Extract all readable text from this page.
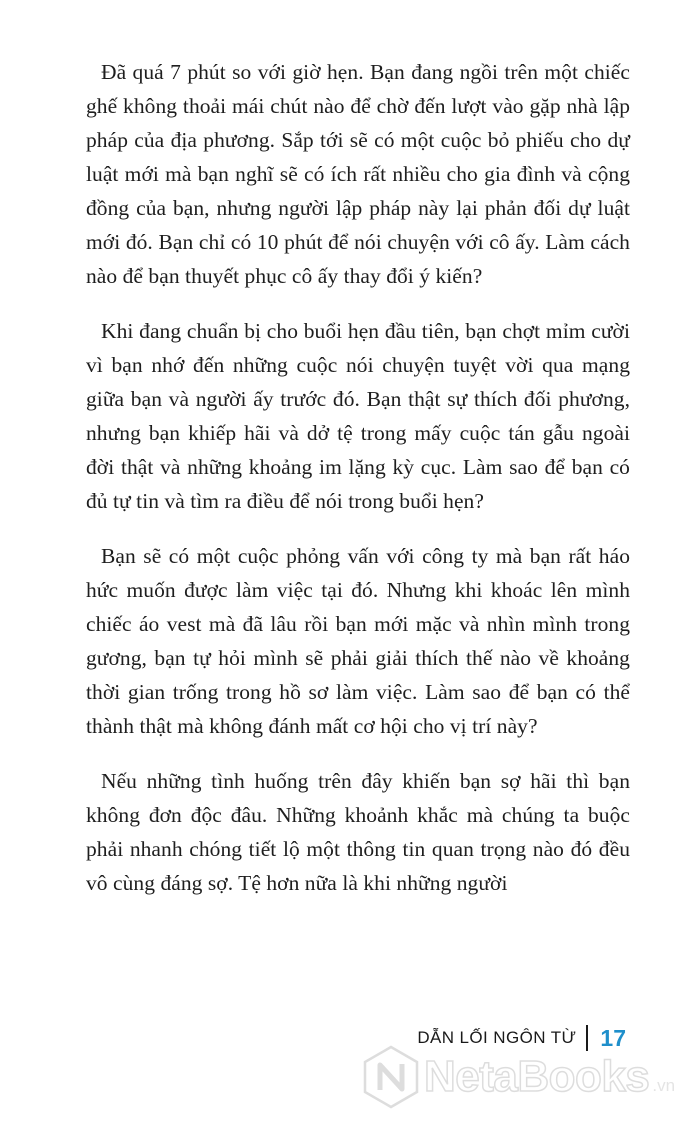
Đã quá 7 phút so với giờ hẹn. Bạn đang ngồi trên một chiếc ghế không thoải mái chút nào để chờ đến lượt vào gặp nhà lập pháp của địa phương. Sắp tới sẽ có một cuộc bỏ phiếu cho dự luật mới mà bạn nghĩ sẽ có ích rất nhiều cho gia đình và cộng đồng của bạn, nhưng người lập pháp này lại phản đối dự luật mới đó. Bạn chỉ có 10 phút để nói chuyện với cô ấy. Làm cách nào để bạn thuyết phục cô ấy thay đổi ý kiến?

Khi đang chuẩn bị cho buổi hẹn đầu tiên, bạn chợt mỉm cười vì bạn nhớ đến những cuộc nói chuyện tuyệt vời qua mạng giữa bạn và người ấy trước đó. Bạn thật sự thích đối phương, nhưng bạn khiếp hãi và dở tệ trong mấy cuộc tán gẫu ngoài đời thật và những khoảng im lặng kỳ cục. Làm sao để bạn có đủ tự tin và tìm ra điều để nói trong buổi hẹn?

Bạn sẽ có một cuộc phỏng vấn với công ty mà bạn rất háo hức muốn được làm việc tại đó. Nhưng khi khoác lên mình chiếc áo vest mà đã lâu rồi bạn mới mặc và nhìn mình trong gương, bạn tự hỏi mình sẽ phải giải thích thế nào về khoảng thời gian trống trong hồ sơ làm việc. Làm sao để bạn có thể thành thật mà không đánh mất cơ hội cho vị trí này?

Nếu những tình huống trên đây khiến bạn sợ hãi thì bạn không đơn độc đâu. Những khoảnh khắc mà chúng ta buộc phải nhanh chóng tiết lộ một thông tin quan trọng nào đó đều vô cùng đáng sợ. Tệ hơn nữa là khi những người

DẪN LỐI NGÔN TỪ 17
NetaBooks .vn
